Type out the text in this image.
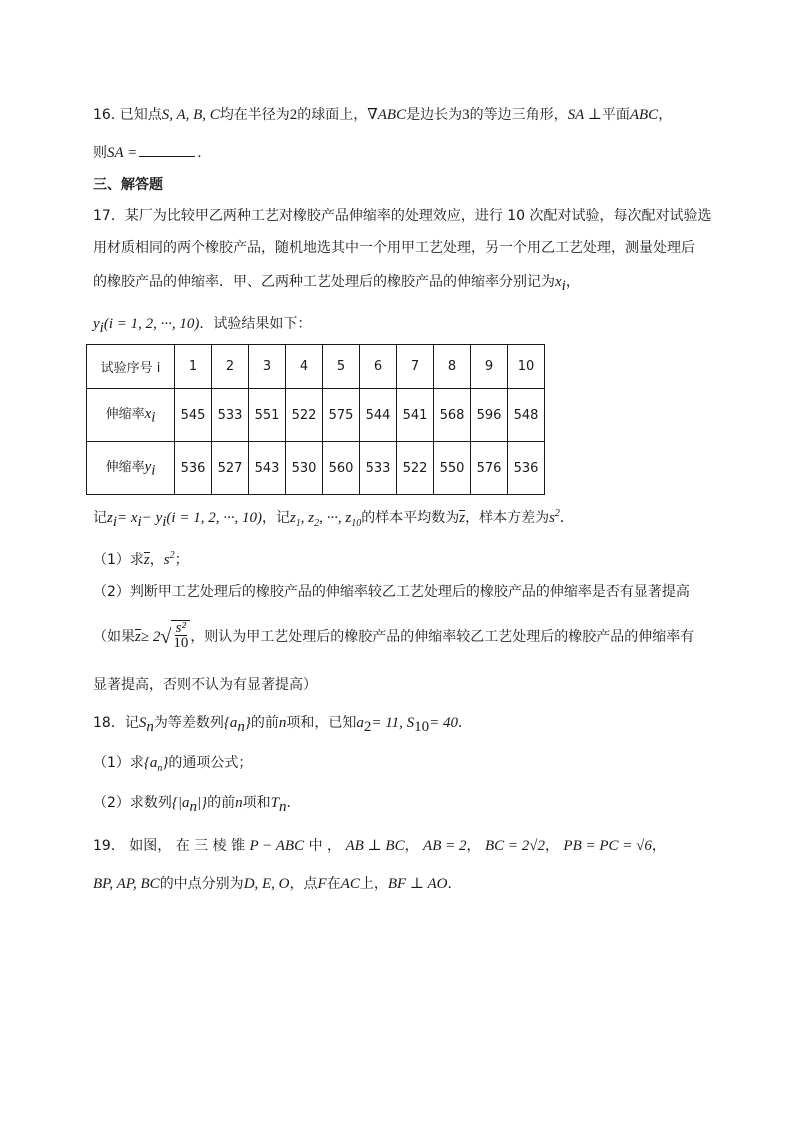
16. 已知点S, A, B, C均在半径为2的球面上，∇ABC是边长为3的等边三角形，SA ⊥平面ABC，
则SA =	.
三、解答题
17．某厂为比较甲乙两种工艺对橡胶产品伸缩率的处理效应，进行 10 次配对试验，每次配对试验选
用材质相同的两个橡胶产品，随机地选其中一个用甲工艺处理，另一个用乙工艺处理，测量处理后
的橡胶产品的伸缩率．甲、乙两种工艺处理后的橡胶产品的伸缩率分别记为$x_i$，
$y_i(i = 1$, 2, ···, 10)．试验结果如下：
试验序号 i	1	2	3	4	5	6	7	8	9	10
伸缩率$x_i$	545	533	551	522	575	544	541	568	596	548
伸缩率$y_i$	536	527	543	530	560	533	522	550	576	536
记$z_i= x_i- y_i(i = 1$, 2, ···, 10)，记$z_1$, $z_2$, ···, $z_{10}$的样本平均数为z，样本方差为$s^2$．
（1）求z，$s^2$；
（2）判断甲工艺处理后的橡胶产品的伸缩率较乙工艺处理后的橡胶产品的伸缩率是否有显著提高
（如果z≥ 2 √ $\frac{\text{s²}}{10}$ ，则认为甲工艺处理后的橡胶产品的伸缩率较乙工艺处理后的橡胶产品的伸缩率有
显著提高，否则不认为有显著提高）
18．记$S_n$为等差数列$\{a_n\}$的前n项和，已知$a_2= 11$, $S_{10}= 40$．
（1）求$\{a_n\}$的通项公式；
（2）求数列$\{|a_n|\}$的前n项和$T_n$．
19． 如图， 在 三 棱 锥 P − ABC 中 ， AB ⊥ BC， AB = 2， BC = 2√2， PB = PC = √6，
BP, AP, BC的中点分别为D, E, O，点F在AC上，BF ⊥ AO．
